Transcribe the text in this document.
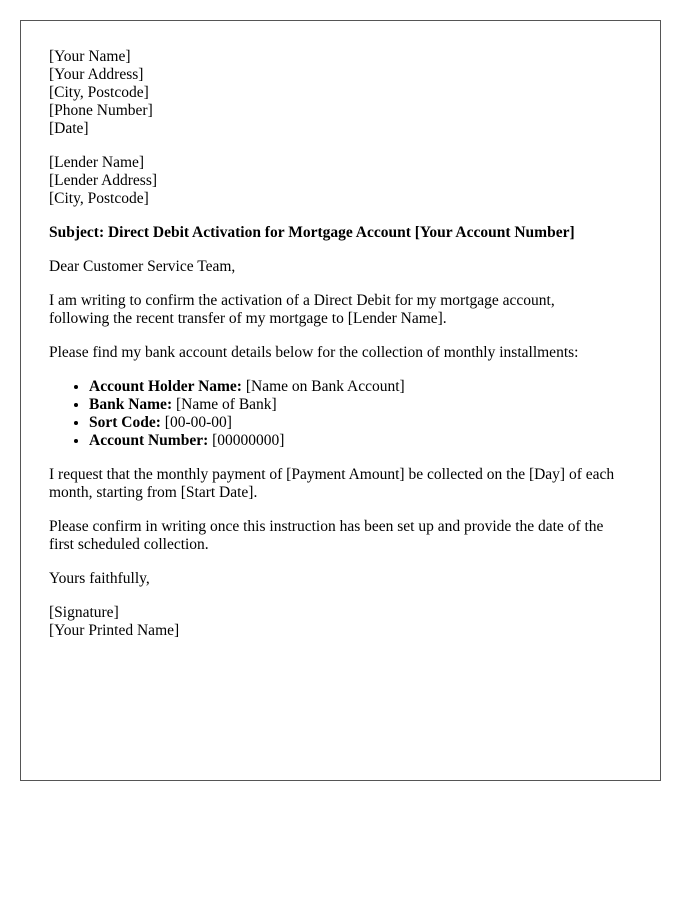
[Your Name]
[Your Address]
[City, Postcode]
[Phone Number]
[Date]
[Lender Name]
[Lender Address]
[City, Postcode]

Subject: Direct Debit Activation for Mortgage Account [Your Account Number]

Dear Customer Service Team,

I am writing to confirm the activation of a Direct Debit for my mortgage account,
following the recent transfer of my mortgage to [Lender Name].

Please find my bank account details below for the collection of monthly installments:

• Account Holder Name: [Name on Bank Account]
• Bank Name: [Name of Bank]
• Sort Code: [00-00-00]
• Account Number: [00000000]

I request that the monthly payment of [Payment Amount] be collected on the [Day] of each
month, starting from [Start Date].

Please confirm in writing once this instruction has been set up and provide the date of the
first scheduled collection.

Yours faithfully,

[Signature]
[Your Printed Name]
